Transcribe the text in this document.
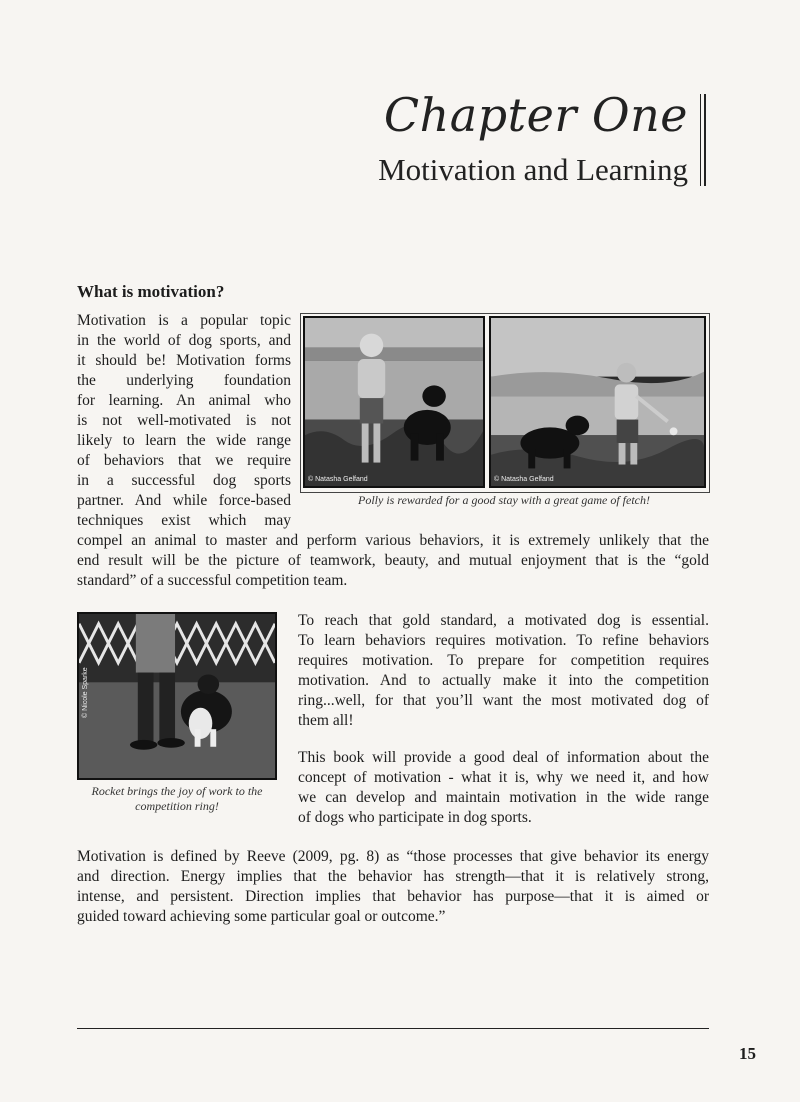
Chapter One
Motivation and Learning
What is motivation?
Motivation is a popular topic
in the world of dog sports, and
it should be! Motivation forms
the underlying foundation
for learning. An animal who
is not well-motivated is not
likely to learn the wide range
of behaviors that we require
in a successful dog sports
partner. And while force-based
techniques exist which may
compel an animal to master and perform various behaviors, it is extremely unlikely that the
end result will be the picture of teamwork, beauty, and mutual enjoyment that is the “gold
standard” of a successful competition team.
© Natasha Gelfand	© Natasha Gelfand
Polly is rewarded for a good stay with a great game of fetch!
© Nicole Sparke
Rocket brings the joy of work to the
competition ring!
To reach that gold standard, a motivated dog is essential.
To learn behaviors requires motivation. To refine behaviors
requires motivation. To prepare for competition requires
motivation. And to actually make it into the competition
ring...well, for that you’ll want the most motivated dog of
them all!
This book will provide a good deal of information about the
concept of motivation - what it is, why we need it, and how
we can develop and maintain motivation in the wide range
of dogs who participate in dog sports.
Motivation is defined by Reeve (2009, pg. 8) as “those processes that give behavior its energy
and direction. Energy implies that the behavior has strength—that it is relatively strong,
intense, and persistent. Direction implies that behavior has purpose—that it is aimed or
guided toward achieving some particular goal or outcome.”
15
